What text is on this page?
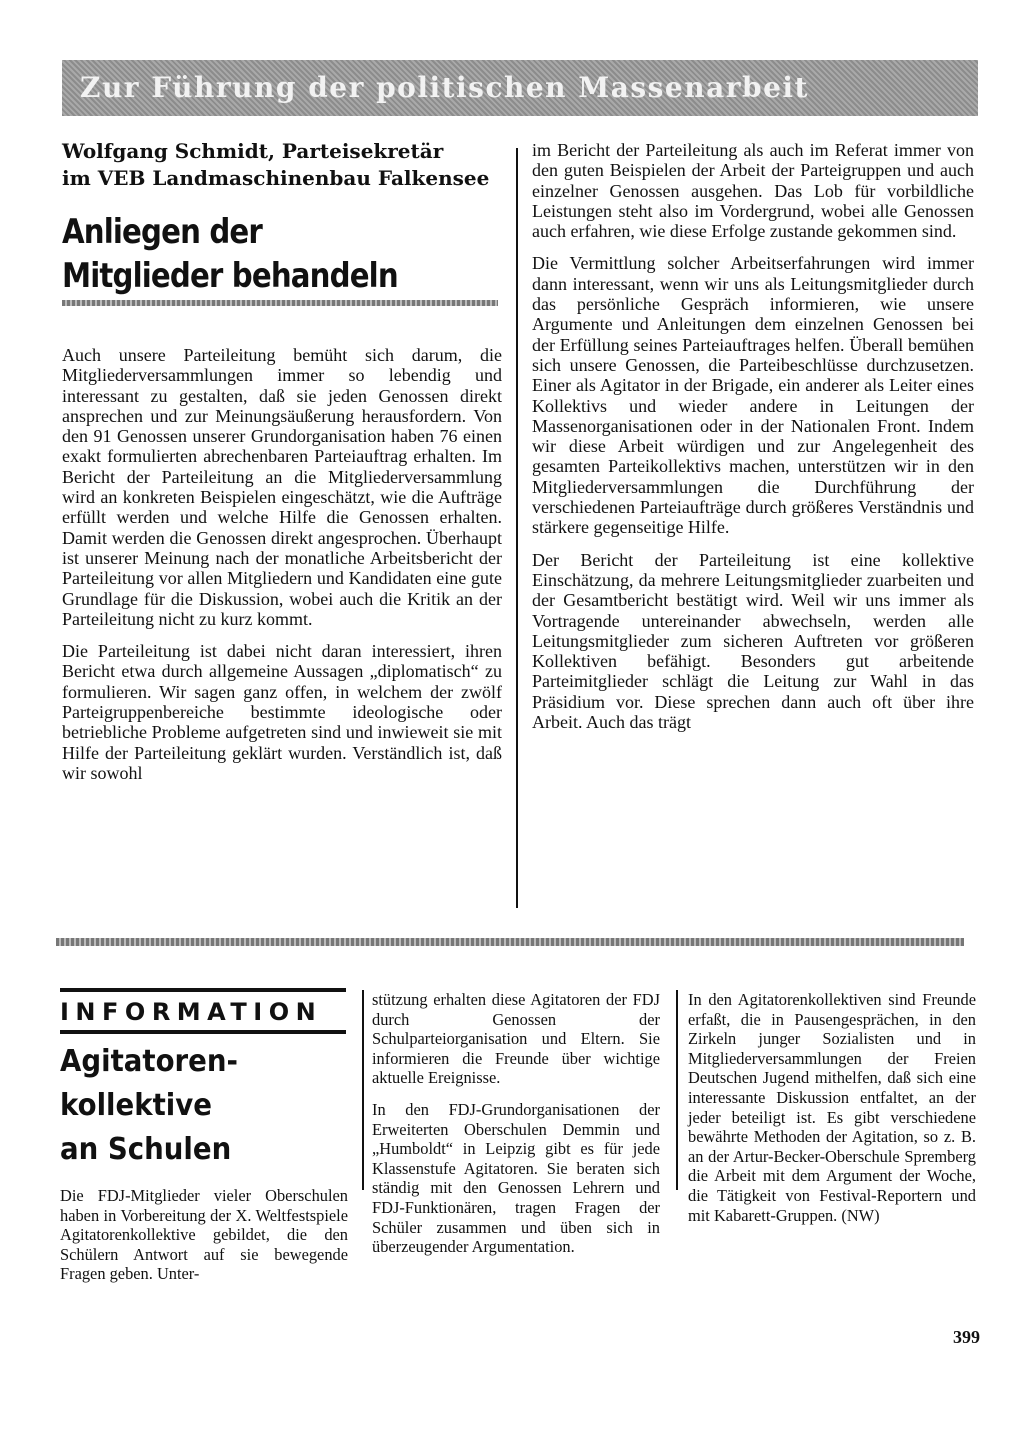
Zur Führung der politischen Massenarbeit
Wolfgang Schmidt, Parteisekretär
im VEB Landmaschinenbau Falkensee
Anliegen der
Mitglieder behandeln

Auch unsere Parteileitung bemüht sich darum, die Mitgliederversammlungen immer so lebendig und interessant zu gestalten, daß sie jeden Genossen direkt ansprechen und zur Meinungsäußerung herausfordern. Von den 91 Genossen unserer Grundorganisation haben 76 einen exakt formulierten abrechenbaren Parteiauftrag erhalten. Im Bericht der Parteileitung an die Mitgliederversammlung wird an konkreten Beispielen eingeschätzt, wie die Aufträge erfüllt werden und welche Hilfe die Genossen erhalten. Damit werden die Genossen direkt angesprochen. Überhaupt ist unserer Meinung nach der monatliche Arbeitsbericht der Parteileitung vor allen Mitgliedern und Kandidaten eine gute Grundlage für die Diskussion, wobei auch die Kritik an der Parteileitung nicht zu kurz kommt.

Die Parteileitung ist dabei nicht daran interessiert, ihren Bericht etwa durch allgemeine Aussagen „diplomatisch“ zu formulieren. Wir sagen ganz offen, in welchem der zwölf Parteigruppenbereiche bestimmte ideologische oder betriebliche Probleme aufgetreten sind und inwieweit sie mit Hilfe der Parteileitung geklärt wurden. Verständlich ist, daß wir sowohl

im Bericht der Parteileitung als auch im Referat immer von den guten Beispielen der Arbeit der Parteigruppen und auch einzelner Genossen ausgehen. Das Lob für vorbildliche Leistungen steht also im Vordergrund, wobei alle Genossen auch erfahren, wie diese Erfolge zustande gekommen sind.

Die Vermittlung solcher Arbeitserfahrungen wird immer dann interessant, wenn wir uns als Leitungsmitglieder durch das persönliche Gespräch informieren, wie unsere Argumente und Anleitungen dem einzelnen Genossen bei der Erfüllung seines Parteiauftrages helfen. Überall bemühen sich unsere Genossen, die Parteibeschlüsse durchzusetzen. Einer als Agitator in der Brigade, ein anderer als Leiter eines Kollektivs und wieder andere in Leitungen der Massenorganisationen oder in der Nationalen Front. Indem wir diese Arbeit würdigen und zur Angelegenheit des gesamten Parteikollektivs machen, unterstützen wir in den Mitgliederversammlungen die Durchführung der verschiedenen Parteiaufträge durch größeres Verständnis und stärkere gegenseitige Hilfe.

Der Bericht der Parteileitung ist eine kollektive Einschätzung, da mehrere Leitungsmitglieder zuarbeiten und der Gesamtbericht bestätigt wird. Weil wir uns immer als Vortragende untereinander abwechseln, werden alle Leitungsmitglieder zum sicheren Auftreten vor größeren Kollektiven befähigt. Besonders gut arbeitende Parteimitglieder schlägt die Leitung zur Wahl in das Präsidium vor. Diese sprechen dann auch oft über ihre Arbeit. Auch das trägt

INFORMATION
Agitatoren-
kollektive
an Schulen

Die FDJ-Mitglieder vieler Oberschulen haben in Vorbereitung der X. Weltfestspiele Agitatorenkollektive gebildet, die den Schülern Antwort auf sie bewegende Fragen geben. Unter-

stützung erhalten diese Agitatoren der FDJ durch Genossen der Schulparteiorganisation und Eltern. Sie informieren die Freunde über wichtige aktuelle Ereignisse.

In den FDJ-Grundorganisationen der Erweiterten Oberschulen Demmin und „Humboldt“ in Leipzig gibt es für jede Klassenstufe Agitatoren. Sie beraten sich ständig mit den Genossen Lehrern und FDJ-Funktionären, tragen Fragen der Schüler zusammen und üben sich in überzeugender Argumentation.

In den Agitatorenkollektiven sind Freunde erfaßt, die in Pausengesprächen, in den Zirkeln junger Sozialisten und in Mitgliederversammlungen der Freien Deutschen Jugend mithelfen, daß sich eine interessante Diskussion entfaltet, an der jeder beteiligt ist. Es gibt verschiedene bewährte Methoden der Agitation, so z. B. an der Artur-Becker-Oberschule Spremberg die Arbeit mit dem Argument der Woche, die Tätigkeit von Festival-Reportern und mit Kabarett-Gruppen. (NW)

399
